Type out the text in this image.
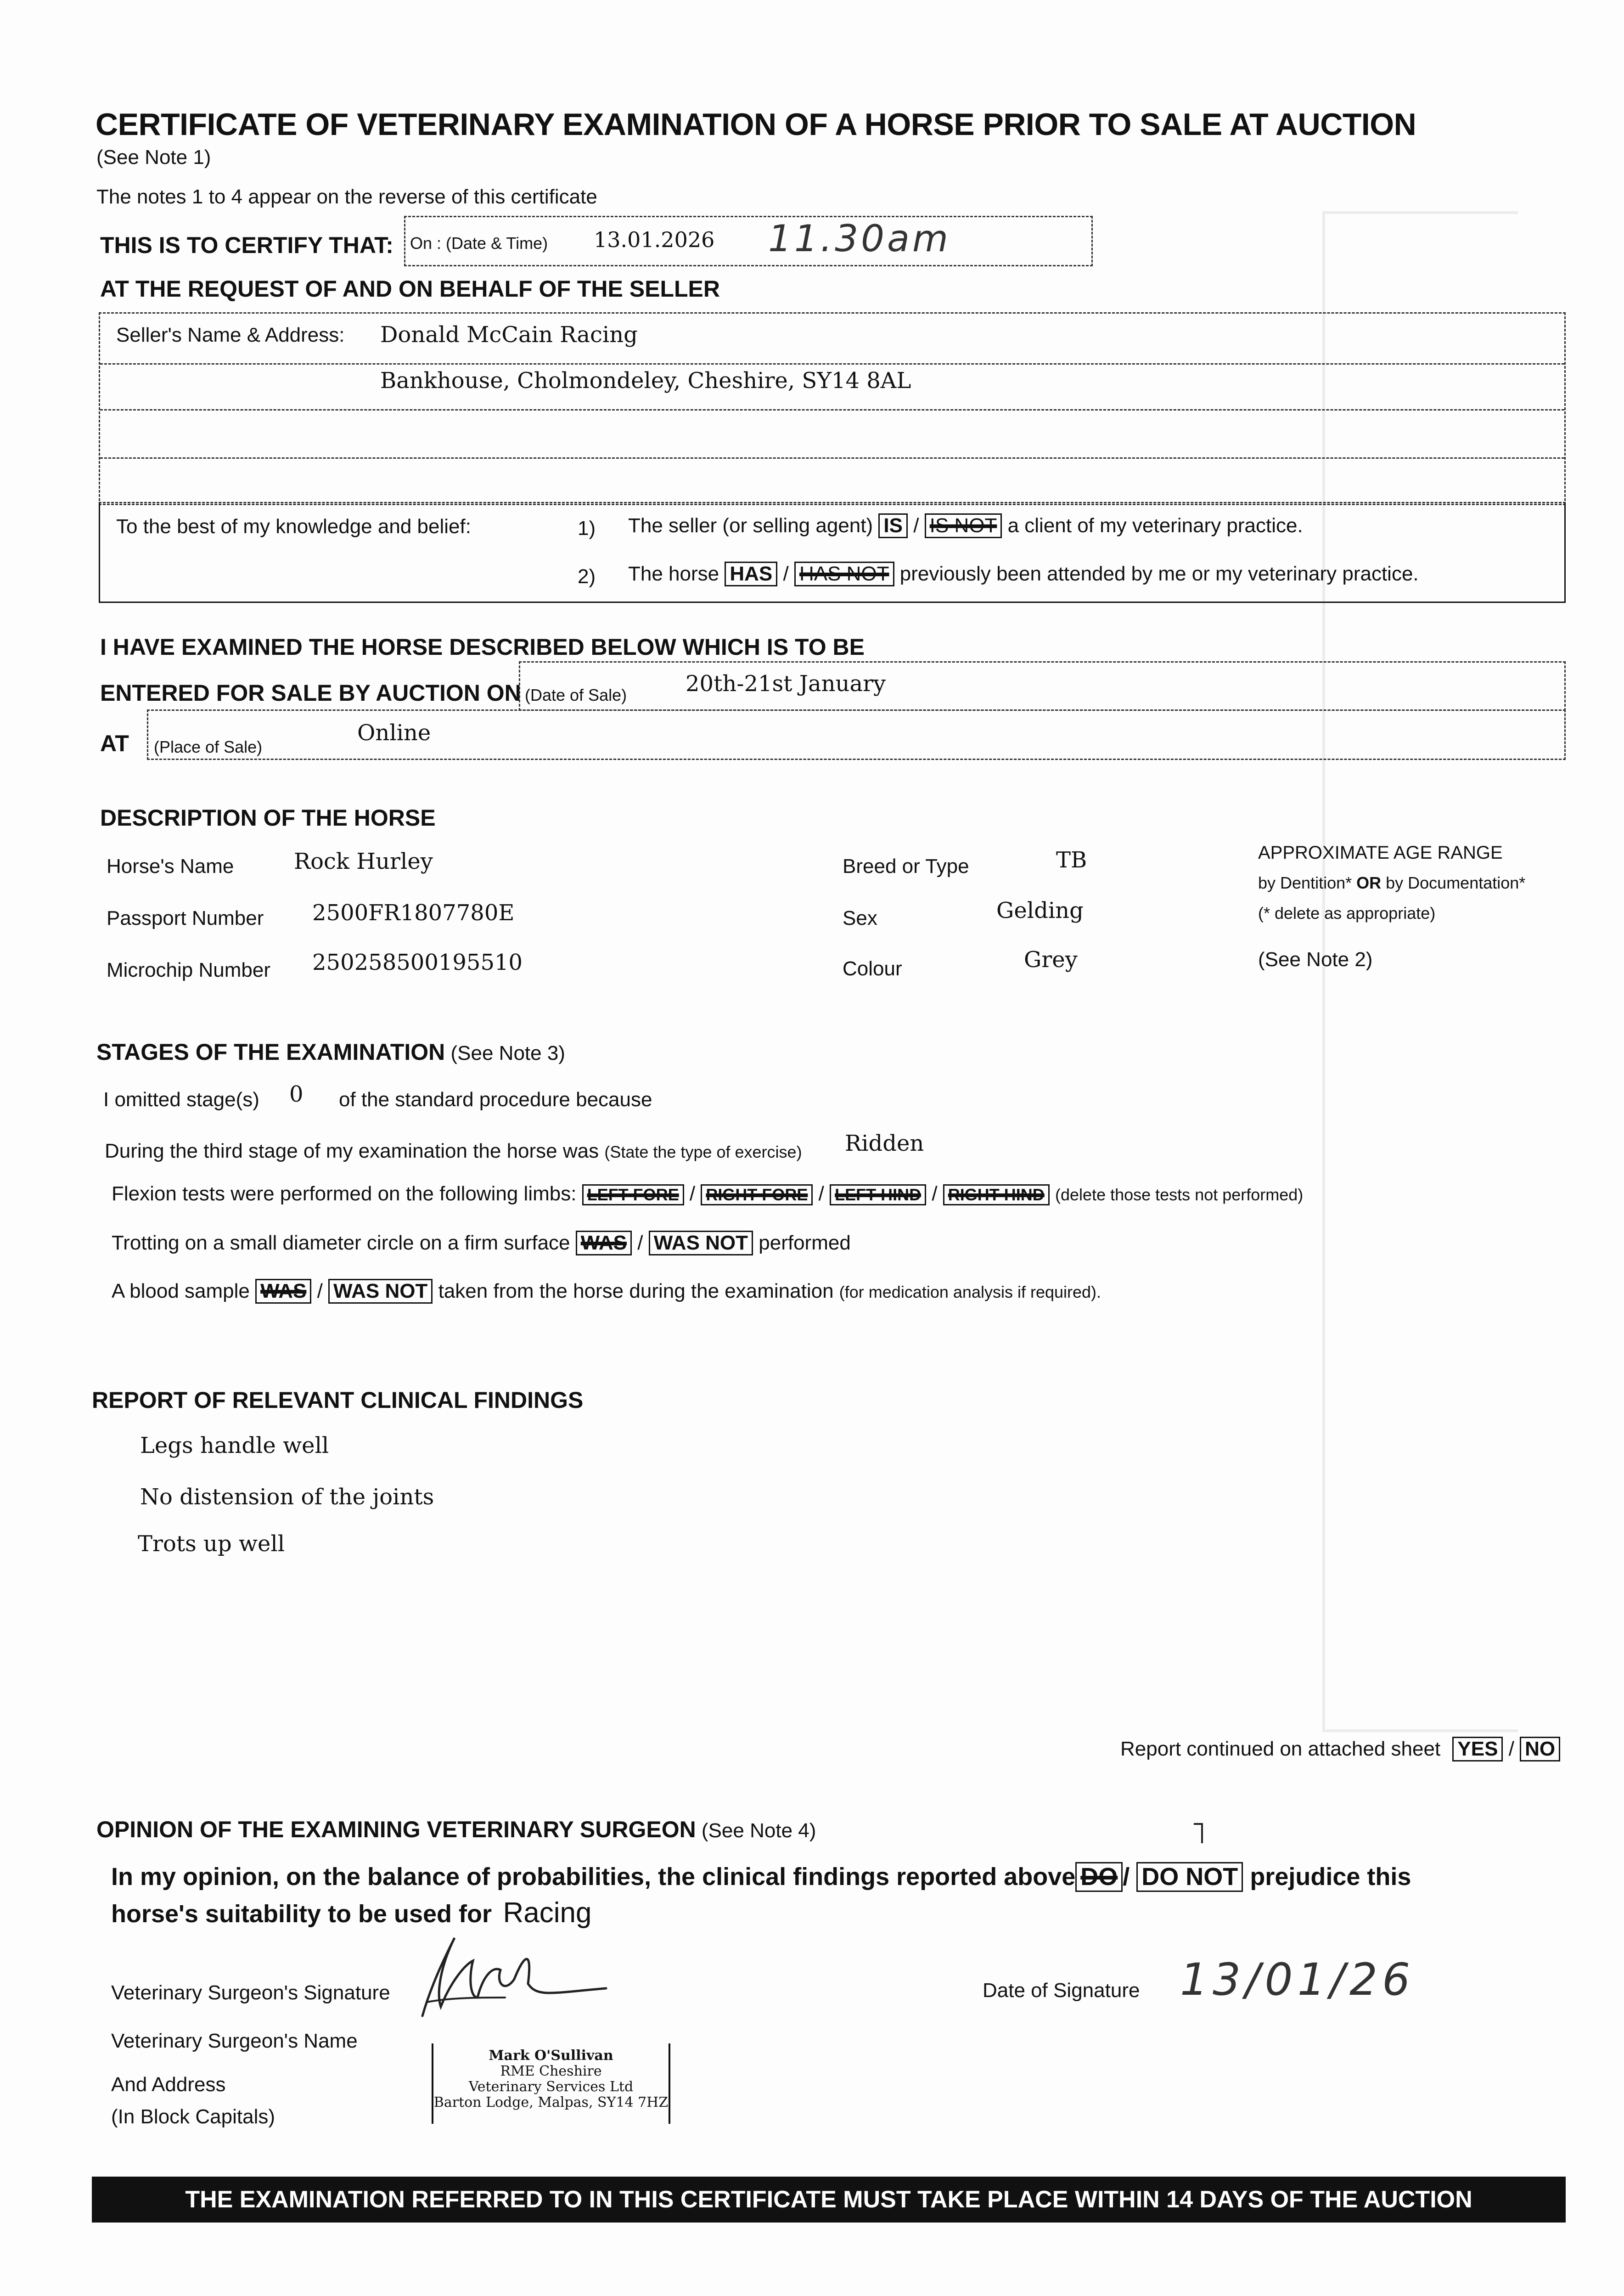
CERTIFICATE OF VETERINARY EXAMINATION OF A HORSE PRIOR TO SALE AT AUCTION
(See Note 1)
The notes 1 to 4 appear on the reverse of this certificate
THIS IS TO CERTIFY THAT: On : (Date & Time) 13.01.2026 11.30am
AT THE REQUEST OF AND ON BEHALF OF THE SELLER
Seller's Name & Address: Donald McCain Racing
Bankhouse, Cholmondeley, Cheshire, SY14 8AL
To the best of my knowledge and belief:	1) The seller (or selling agent) IS / IS NOT a client of my veterinary practice.
2) The horse HAS / HAS NOT previously been attended by me or my veterinary practice.
I HAVE EXAMINED THE HORSE DESCRIBED BELOW WHICH IS TO BE
ENTERED FOR SALE BY AUCTION ON (Date of Sale)	20th-21st January
AT (Place of Sale)
Online
DESCRIPTION OF THE HORSE
Horse's Name	Rock Hurley
Passport Number 2500FR1807780E
Microchip Number 250258500195510
Breed or Type	TB
Sex	Gelding
Colour	Grey
APPROXIMATE AGE RANGE
by Dentition* OR by Documentation*
(* delete as appropriate)
(See Note 2)
STAGES OF THE EXAMINATION (See Note 3)
I omitted stage(s) 0 of the standard procedure because
During the third stage of my examination the horse was (State the type of exercise) Ridden
Flexion tests were performed on the following limbs: LEFT FORE / RIGHT FORE / LEFT HIND / RIGHT HIND (delete those tests not performed)
Trotting on a small diameter circle on a firm surface WAS / WAS NOT performed
A blood sample WAS / WAS NOT taken from the horse during the examination (for medication analysis if required).
REPORT OF RELEVANT CLINICAL FINDINGS
Legs handle well
No distension of the joints
Trots up well
Report continued on attached sheet YES / NO
OPINION OF THE EXAMINING VETERINARY SURGEON (See Note 4)
In my opinion, on the balance of probabilities, the clinical findings reported above DO / DO NOT prejudice this
horse's suitability to be used for Racing
Veterinary Surgeon's Signature	Date of Signature 13/01/26
Veterinary Surgeon's Name
And Address
(In Block Capitals)
Mark O'Sullivan
RME Cheshire
Veterinary Services Ltd
Barton Lodge, Malpas, SY14 7HZ
THE EXAMINATION REFERRED TO IN THIS CERTIFICATE MUST TAKE PLACE WITHIN 14 DAYS OF THE AUCTION
